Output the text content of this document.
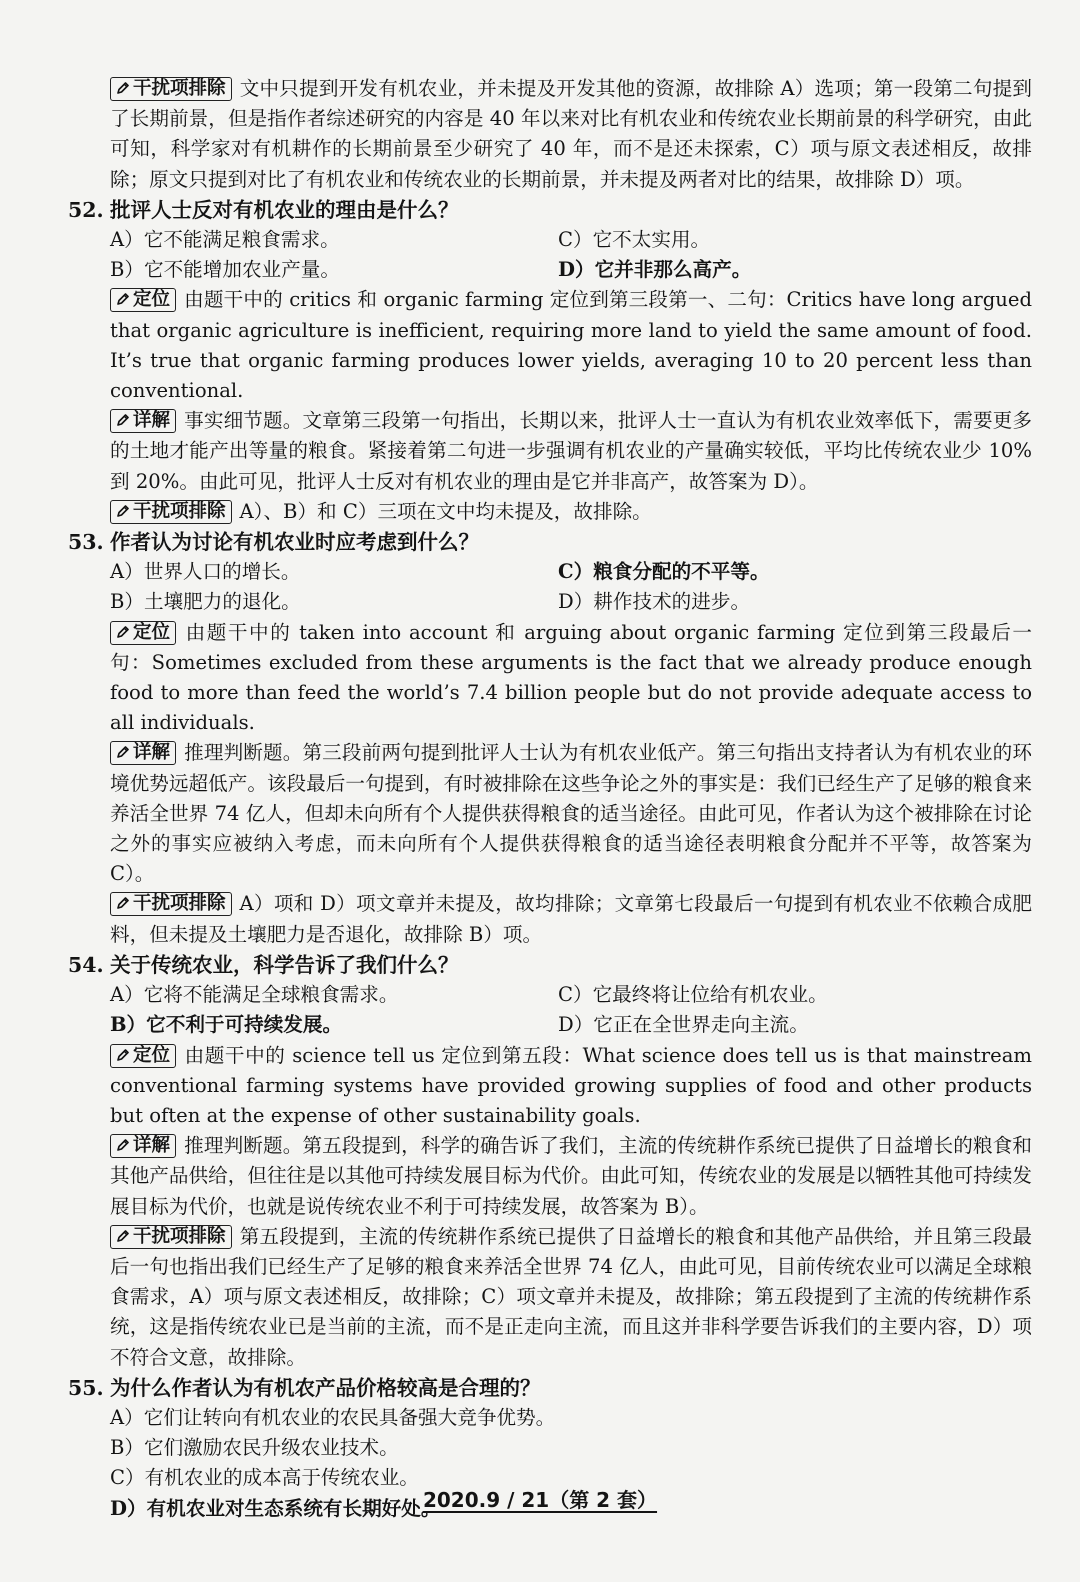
干扰项排除 文中只提到开发有机农业，并未提及开发其他的资源，故排除 A）选项；第一段第二句提到了长期前景，但是指作者综述研究的内容是 40 年以来对比有机农业和传统农业长期前景的科学研究，由此可知，科学家对有机耕作的长期前景至少研究了 40 年，而不是还未探索，C）项与原文表述相反，故排除；原文只提到对比了有机农业和传统农业的长期前景，并未提及两者对比的结果，故排除 D）项。

52. 批评人士反对有机农业的理由是什么？
A）它不能满足粮食需求。	C）它不太实用。
B）它不能增加农业产量。	D）它并非那么高产。

定位 由题干中的 critics 和 organic farming 定位到第三段第一、二句：Critics have long argued that organic agriculture is inefficient, requiring more land to yield the same amount of food. It’s true that organic farming produces lower yields, averaging 10 to 20 percent less than conventional.

详解 事实细节题。文章第三段第一句指出，长期以来，批评人士一直认为有机农业效率低下，需要更多的土地才能产出等量的粮食。紧接着第二句进一步强调有机农业的产量确实较低，平均比传统农业少 10% 到 20%。由此可见，批评人士反对有机农业的理由是它并非高产，故答案为 D）。

干扰项排除 A）、B）和 C）三项在文中均未提及，故排除。

53. 作者认为讨论有机农业时应考虑到什么？
A）世界人口的增长。	C）粮食分配的不平等。
B）土壤肥力的退化。	D）耕作技术的进步。

定位 由题干中的 taken into account 和 arguing about organic farming 定位到第三段最后一句：Sometimes excluded from these arguments is the fact that we already produce enough food to more than feed the world’s 7.4 billion people but do not provide adequate access to all individuals.

详解 推理判断题。第三段前两句提到批评人士认为有机农业低产。第三句指出支持者认为有机农业的环境优势远超低产。该段最后一句提到，有时被排除在这些争论之外的事实是：我们已经生产了足够的粮食来养活全世界 74 亿人，但却未向所有个人提供获得粮食的适当途径。由此可见，作者认为这个被排除在讨论之外的事实应被纳入考虑，而未向所有个人提供获得粮食的适当途径表明粮食分配并不平等，故答案为 C）。

干扰项排除 A）项和 D）项文章并未提及，故均排除；文章第七段最后一句提到有机农业不依赖合成肥料，但未提及土壤肥力是否退化，故排除 B）项。

54. 关于传统农业，科学告诉了我们什么？
A）它将不能满足全球粮食需求。	C）它最终将让位给有机农业。
B）它不利于可持续发展。	D）它正在全世界走向主流。

定位 由题干中的 science tell us 定位到第五段：What science does tell us is that mainstream conventional farming systems have provided growing supplies of food and other products but often at the expense of other sustainability goals.

详解 推理判断题。第五段提到，科学的确告诉了我们，主流的传统耕作系统已提供了日益增长的粮食和其他产品供给，但往往是以其他可持续发展目标为代价。由此可知，传统农业的发展是以牺牲其他可持续发展目标为代价，也就是说传统农业不利于可持续发展，故答案为 B）。

干扰项排除 第五段提到，主流的传统耕作系统已提供了日益增长的粮食和其他产品供给，并且第三段最后一句也指出我们已经生产了足够的粮食来养活全世界 74 亿人，由此可见，目前传统农业可以满足全球粮食需求，A）项与原文表述相反，故排除；C）项文章并未提及，故排除；第五段提到了主流的传统耕作系统，这是指传统农业已是当前的主流，而不是正走向主流，而且这并非科学要告诉我们的主要内容，D）项不符合文意，故排除。

55. 为什么作者认为有机农产品价格较高是合理的？
A）它们让转向有机农业的农民具备强大竞争优势。
B）它们激励农民升级农业技术。
C）有机农业的成本高于传统农业。
D）有机农业对生态系统有长期好处。
2020.9 / 21（第 2 套）
